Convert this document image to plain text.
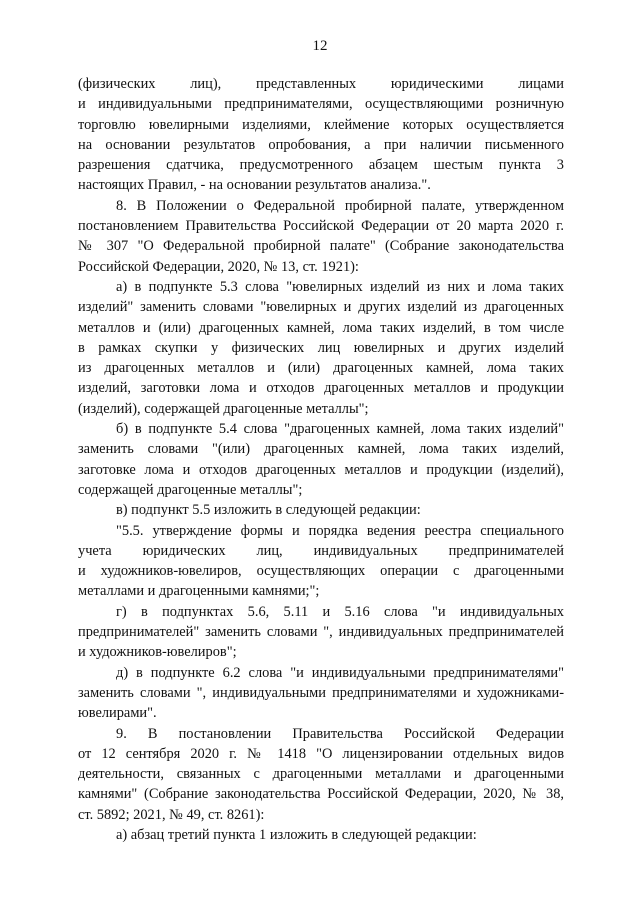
12
(физических лиц), представленных юридическими лицами
и индивидуальными предпринимателями, осуществляющими розничную
торговлю ювелирными изделиями, клеймение которых осуществляется
на основании результатов опробования, а при наличии письменного
разрешения сдатчика, предусмотренного абзацем шестым пункта 3
настоящих Правил, - на основании результатов анализа.".
8. В Положении о Федеральной пробирной палате, утвержденном
постановлением Правительства Российской Федерации от 20 марта 2020 г.
№ 307 "О Федеральной пробирной палате" (Собрание законодательства
Российской Федерации, 2020, № 13, ст. 1921):
а) в подпункте 5.3 слова "ювелирных изделий из них и лома таких
изделий" заменить словами "ювелирных и других изделий из драгоценных
металлов и (или) драгоценных камней, лома таких изделий, в том числе
в рамках скупки у физических лиц ювелирных и других изделий
из драгоценных металлов и (или) драгоценных камней, лома таких
изделий, заготовки лома и отходов драгоценных металлов и продукции
(изделий), содержащей драгоценные металлы";
б) в подпункте 5.4 слова "драгоценных камней, лома таких изделий"
заменить словами "(или) драгоценных камней, лома таких изделий,
заготовке лома и отходов драгоценных металлов и продукции (изделий),
содержащей драгоценные металлы";
в) подпункт 5.5 изложить в следующей редакции:
"5.5. утверждение формы и порядка ведения реестра специального
учета юридических лиц, индивидуальных предпринимателей
и художников-ювелиров, осуществляющих операции с драгоценными
металлами и драгоценными камнями;";
г) в подпунктах 5.6, 5.11 и 5.16 слова "и индивидуальных
предпринимателей" заменить словами ", индивидуальных предпринимателей
и художников-ювелиров";
д) в подпункте 6.2 слова "и индивидуальными предпринимателями"
заменить словами ", индивидуальными предпринимателями и художниками-
ювелирами".
9. В постановлении Правительства Российской Федерации
от 12 сентября 2020 г. № 1418 "О лицензировании отдельных видов
деятельности, связанных с драгоценными металлами и драгоценными
камнями" (Собрание законодательства Российской Федерации, 2020, № 38,
ст. 5892; 2021, № 49, ст. 8261):
а) абзац третий пункта 1 изложить в следующей редакции:
